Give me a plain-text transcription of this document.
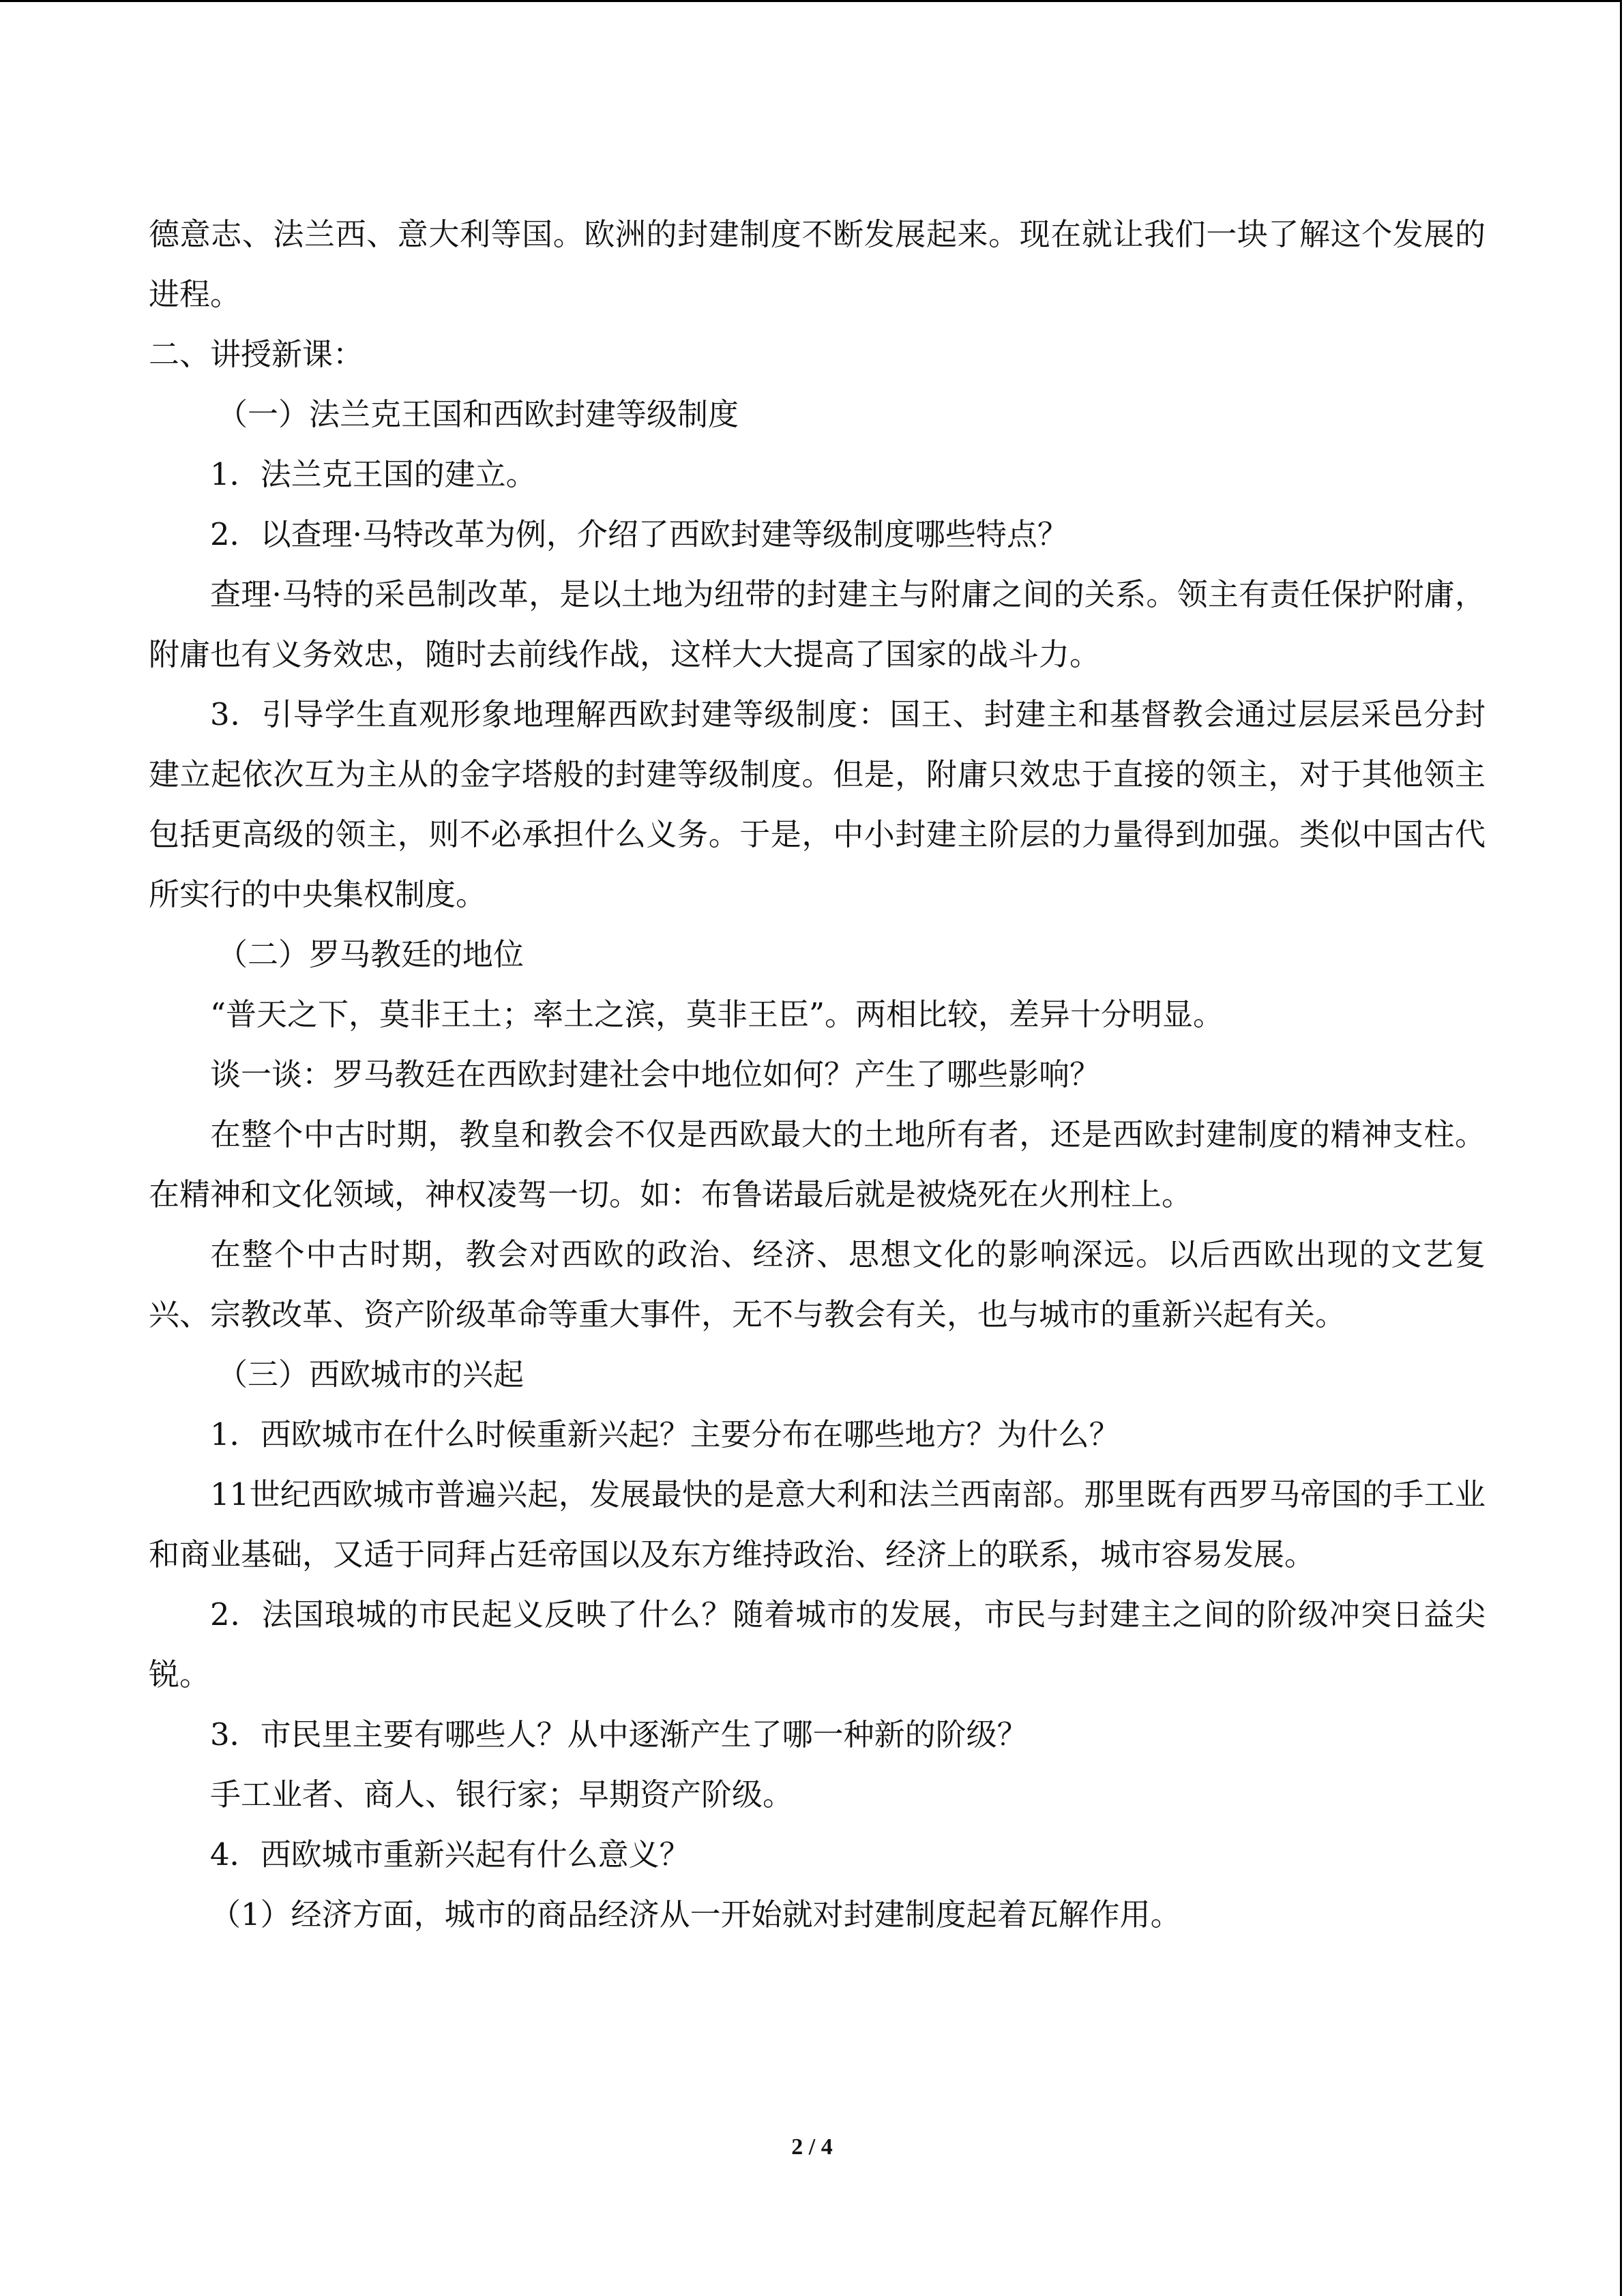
德意志、法兰西、意大利等国。欧洲的封建制度不断发展起来。现在就让我们一块了解这个发展的进程。

二、讲授新课：

（一）法兰克王国和西欧封建等级制度

1．法兰克王国的建立。

2．以查理·马特改革为例，介绍了西欧封建等级制度哪些特点？

查理·马特的采邑制改革，是以土地为纽带的封建主与附庸之间的关系。领主有责任保护附庸，附庸也有义务效忠，随时去前线作战，这样大大提高了国家的战斗力。

3．引导学生直观形象地理解西欧封建等级制度：国王、封建主和基督教会通过层层采邑分封建立起依次互为主从的金字塔般的封建等级制度。但是，附庸只效忠于直接的领主，对于其他领主包括更高级的领主，则不必承担什么义务。于是，中小封建主阶层的力量得到加强。类似中国古代所实行的中央集权制度。

（二）罗马教廷的地位

“普天之下，莫非王土；率土之滨，莫非王臣”。两相比较，差异十分明显。

谈一谈：罗马教廷在西欧封建社会中地位如何？产生了哪些影响？

在整个中古时期，教皇和教会不仅是西欧最大的土地所有者，还是西欧封建制度的精神支柱。在精神和文化领域，神权凌驾一切。如：布鲁诺最后就是被烧死在火刑柱上。

在整个中古时期，教会对西欧的政治、经济、思想文化的影响深远。以后西欧出现的文艺复兴、宗教改革、资产阶级革命等重大事件，无不与教会有关，也与城市的重新兴起有关。

（三）西欧城市的兴起

1．西欧城市在什么时候重新兴起？主要分布在哪些地方？为什么？

11世纪西欧城市普遍兴起，发展最快的是意大利和法兰西南部。那里既有西罗马帝国的手工业和商业基础，又适于同拜占廷帝国以及东方维持政治、经济上的联系，城市容易发展。

2．法国琅城的市民起义反映了什么？随着城市的发展，市民与封建主之间的阶级冲突日益尖锐。

3．市民里主要有哪些人？从中逐渐产生了哪一种新的阶级？

手工业者、商人、银行家；早期资产阶级。

4．西欧城市重新兴起有什么意义？

（1）经济方面，城市的商品经济从一开始就对封建制度起着瓦解作用。

2 / 4
